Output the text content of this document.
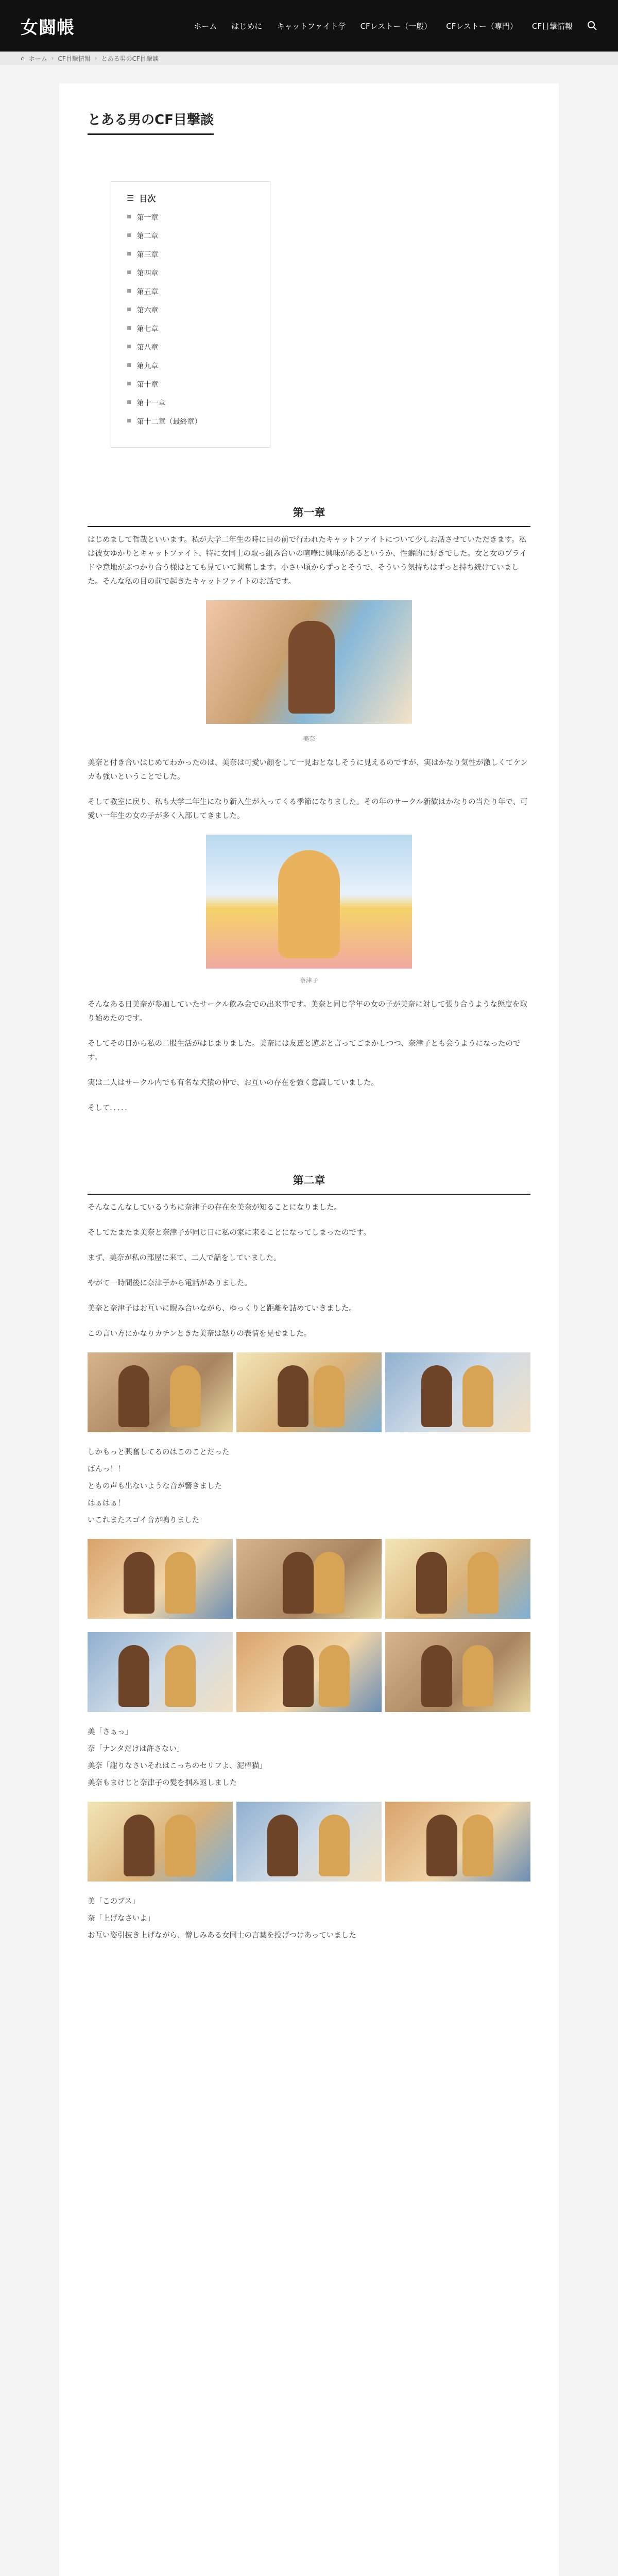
女闘帳	ホーム はじめに キャットファイト学 CFレストー（一般） CFレストー（専門） CF目撃情報
⌂ ホーム › CF目撃情報 › とある男のCF目撃談
とある男のCF目撃談
☰ 目次
▪ 第一章
▪ 第二章
▪ 第三章
▪ 第四章
▪ 第五章
▪ 第六章
▪ 第七章
▪ 第八章
▪ 第九章
▪ 第十章
▪ 第十一章
▪ 第十二章（最終章）
第一章

はじめまして哲哉といいます。私が大学二年生の時に目の前で行われたキャットファイトについて少しお話させていただきます。私は彼女ゆかりとキャットファイト、特に女同士の取っ組み合いの喧嘩に興味があるというか、性癖的に好きでした。女と女のプライドや意地がぶつかり合う様はとても見ていて興奮します。小さい頃からずっとそうで、そういう気持ちはずっと持ち続けていました。そんな私の目の前で起きたキャットファイトのお話です。

美奈

美奈と付き合いはじめてわかったのは、美奈は可愛い顔をして一見おとなしそうに見えるのですが、実はかなり気性が激しくてケンカも強いということでした。

そして教室に戻り、私も大学二年生になり新入生が入ってくる季節になりました。その年のサークル新歓はかなりの当たり年で、可愛い一年生の女の子が多く入部してきました。

奈津子

そんなある日美奈が参加していたサークル飲み会での出来事です。美奈と同じ学年の女の子が美奈に対して張り合うような態度を取り始めたのです。

そしてその日から私の二股生活がはじまりました。美奈には友達と遊ぶと言ってごまかしつつ、奈津子とも会うようになったのです。

実は二人はサークル内でも有名な犬猿の仲で、お互いの存在を強く意識していました。

そして．．．．．

第二章

そんなこんなしているうちに奈津子の存在を美奈が知ることになりました。

そしてたまたま美奈と奈津子が同じ日に私の家に来ることになってしまったのです。

まず、美奈が私の部屋に来て、二人で話をしていました。

やがて一時間後に奈津子から電話がありました。

美奈と奈津子はお互いに睨み合いながら、ゆっくりと距離を詰めていきました。

この言い方にかなりカチンときた美奈は怒りの表情を見せました。

しかもっと興奮してるのはこのことだった

ばんっ！！

ともの声も出ないような音が響きました

はぁはぁ！

いこれまたスゴイ音が鳴りました

美「さぁっ」

奈「ナンタだけは許さない」

美奈「謝りなさいそれはこっちのセリフよ、泥棒猫」

美奈もまけじと奈津子の髪を掴み返しました

美「このブス」

奈「上げなさいよ」

お互い姿引抜き上げながら、憎しみある女同士の言葉を投げつけあっていました
